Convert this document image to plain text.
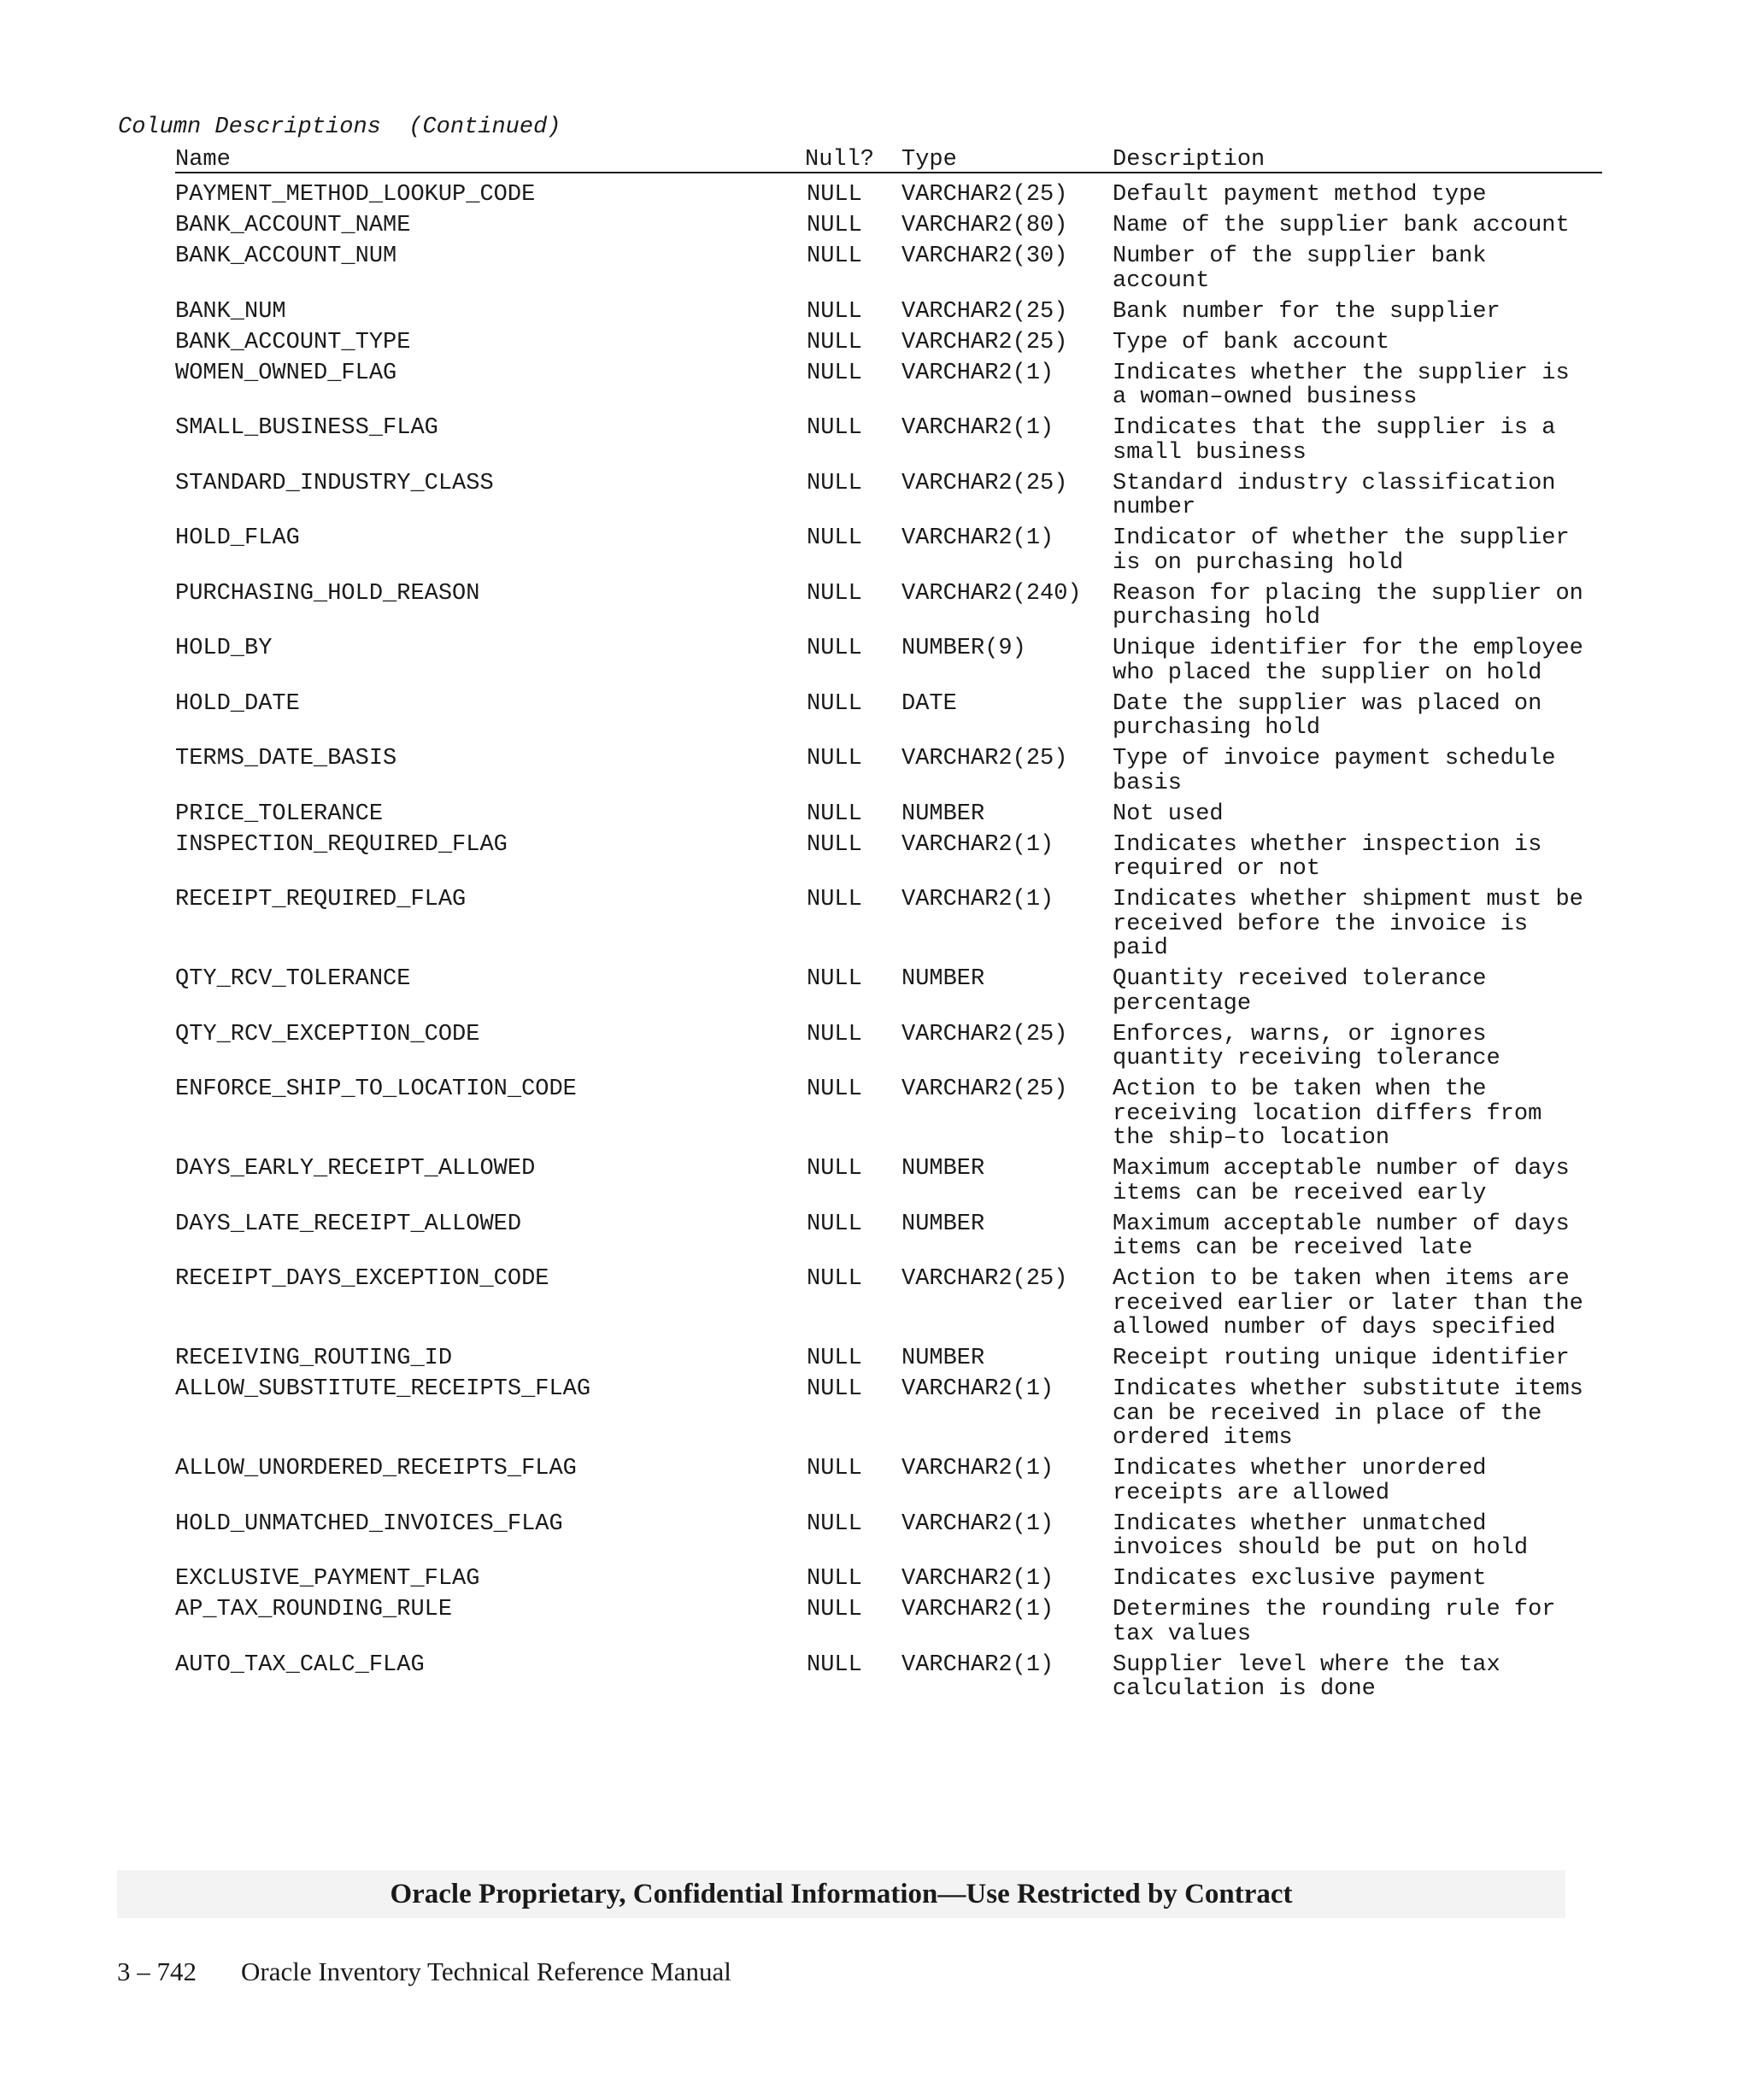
Column Descriptions  (Continued)
Name	Null? Type	Description
PAYMENT_METHOD_LOOKUP_CODE	NULL VARCHAR2(25) Default payment method type
BANK_ACCOUNT_NAME	NULL VARCHAR2(80) Name of the supplier bank account
BANK_ACCOUNT_NUM	NULL VARCHAR2(30) Number of the supplier bank account
BANK_NUM	NULL VARCHAR2(25) Bank number for the supplier
BANK_ACCOUNT_TYPE	NULL VARCHAR2(25) Type of bank account
WOMEN_OWNED_FLAG	NULL VARCHAR2(1)	Indicates whether the supplier is a woman–owned business
SMALL_BUSINESS_FLAG	NULL VARCHAR2(1)	Indicates that the supplier is a small business
STANDARD_INDUSTRY_CLASS	NULL VARCHAR2(25) Standard industry classification number
HOLD_FLAG	NULL VARCHAR2(1)	Indicator of whether the supplier is on purchasing hold
PURCHASING_HOLD_REASON	NULL VARCHAR2(240) Reason for placing the supplier on purchasing hold
HOLD_BY	NULL NUMBER(9)	Unique identifier for the employee who placed the supplier on hold
HOLD_DATE	NULL DATE	Date the supplier was placed on purchasing hold
TERMS_DATE_BASIS	NULL VARCHAR2(25) Type of invoice payment schedule basis
PRICE_TOLERANCE	NULL NUMBER	Not used
INSPECTION_REQUIRED_FLAG	NULL VARCHAR2(1)	Indicates whether inspection is required or not
RECEIPT_REQUIRED_FLAG	NULL VARCHAR2(1)	Indicates whether shipment must be received before the invoice is paid
QTY_RCV_TOLERANCE	NULL NUMBER	Quantity received tolerance percentage
QTY_RCV_EXCEPTION_CODE	NULL VARCHAR2(25) Enforces, warns, or ignores quantity receiving tolerance
ENFORCE_SHIP_TO_LOCATION_CODE	NULL VARCHAR2(25) Action to be taken when the receiving location differs from the ship–to location
DAYS_EARLY_RECEIPT_ALLOWED	NULL NUMBER	Maximum acceptable number of days items can be received early
DAYS_LATE_RECEIPT_ALLOWED	NULL NUMBER	Maximum acceptable number of days items can be received late
RECEIPT_DAYS_EXCEPTION_CODE	NULL VARCHAR2(25) Action to be taken when items are received earlier or later than the allowed number of days specified
RECEIVING_ROUTING_ID	NULL NUMBER	Receipt routing unique identifier
ALLOW_SUBSTITUTE_RECEIPTS_FLAG	NULL VARCHAR2(1)	Indicates whether substitute items can be received in place of the ordered items
ALLOW_UNORDERED_RECEIPTS_FLAG	NULL VARCHAR2(1)	Indicates whether unordered receipts are allowed
HOLD_UNMATCHED_INVOICES_FLAG	NULL VARCHAR2(1)	Indicates whether unmatched invoices should be put on hold
EXCLUSIVE_PAYMENT_FLAG	NULL VARCHAR2(1)	Indicates exclusive payment
AP_TAX_ROUNDING_RULE	NULL VARCHAR2(1)	Determines the rounding rule for tax values
AUTO_TAX_CALC_FLAG	NULL VARCHAR2(1)	Supplier level where the tax calculation is done
Oracle Proprietary, Confidential Information––Use Restricted by Contract
3 – 742 Oracle Inventory Technical Reference Manual
